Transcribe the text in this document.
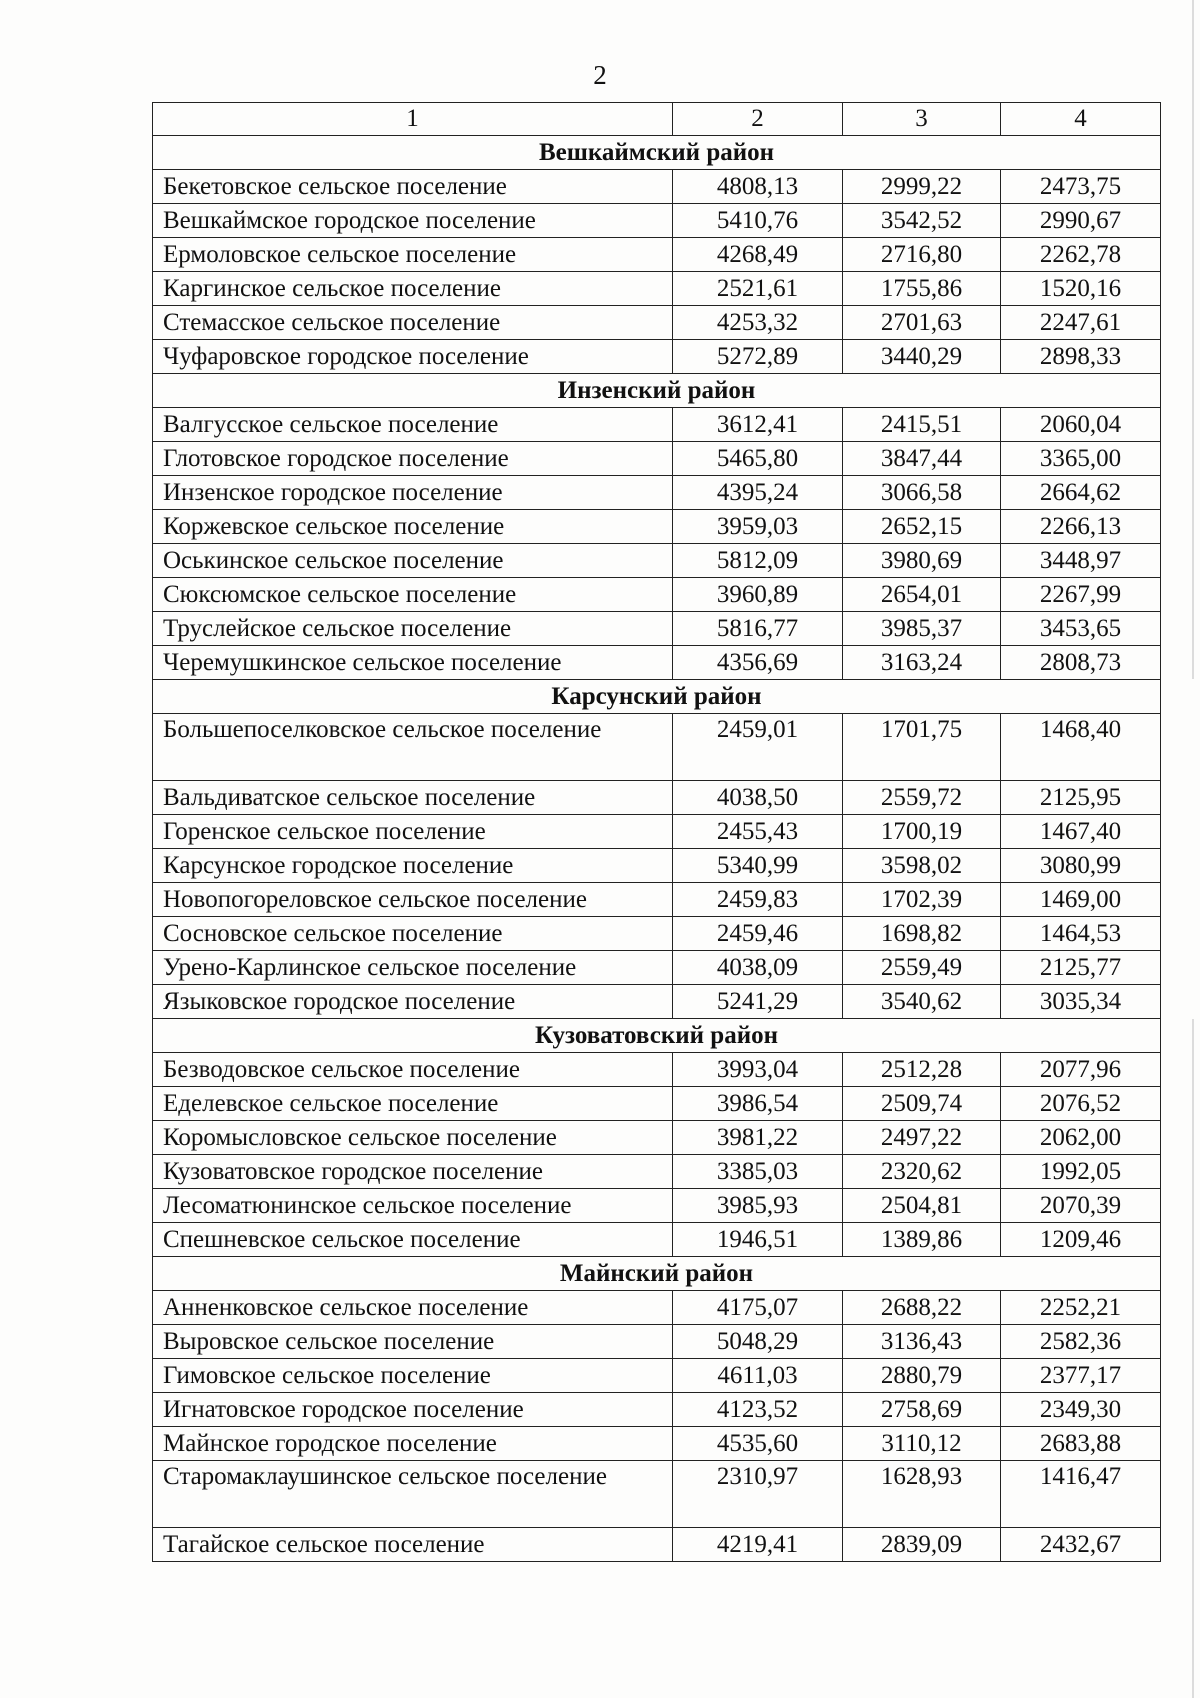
2
1	2	3	4
Вешкаймский район			
Бекетовское сельское поселение	4808,13	2999,22	2473,75
Вешкаймское городское поселение	5410,76	3542,52	2990,67
Ермоловское сельское поселение	4268,49	2716,80	2262,78
Каргинское сельское поселение	2521,61	1755,86	1520,16
Стемасское сельское поселение	4253,32	2701,63	2247,61
Чуфаровское городское поселение	5272,89	3440,29	2898,33
Инзенский район			
Валгусское сельское поселение	3612,41	2415,51	2060,04
Глотовское городское поселение	5465,80	3847,44	3365,00
Инзенское городское поселение	4395,24	3066,58	2664,62
Коржевское сельское поселение	3959,03	2652,15	2266,13
Оськинское сельское поселение	5812,09	3980,69	3448,97
Сюксюмское сельское поселение	3960,89	2654,01	2267,99
Труслейское сельское поселение	5816,77	3985,37	3453,65
Черемушкинское сельское поселение	4356,69	3163,24	2808,73
Карсунский район			
Большепоселковское сельское поселение	2459,01	1701,75	1468,40
Вальдиватское сельское поселение	4038,50	2559,72	2125,95
Горенское сельское поселение	2455,43	1700,19	1467,40
Карсунское городское поселение	5340,99	3598,02	3080,99
Новопогореловское сельское поселение	2459,83	1702,39	1469,00
Сосновское сельское поселение	2459,46	1698,82	1464,53
Урено-Карлинское сельское поселение	4038,09	2559,49	2125,77
Языковское городское поселение	5241,29	3540,62	3035,34
Кузоватовский район			
Безводовское сельское поселение	3993,04	2512,28	2077,96
Еделевское сельское поселение	3986,54	2509,74	2076,52
Коромысловское сельское поселение	3981,22	2497,22	2062,00
Кузоватовское городское поселение	3385,03	2320,62	1992,05
Лесоматюнинское сельское поселение	3985,93	2504,81	2070,39
Спешневское сельское поселение	1946,51	1389,86	1209,46
Майнский район			
Анненковское сельское поселение	4175,07	2688,22	2252,21
Выровское сельское поселение	5048,29	3136,43	2582,36
Гимовское сельское поселение	4611,03	2880,79	2377,17
Игнатовское городское поселение	4123,52	2758,69	2349,30
Майнское городское поселение	4535,60	3110,12	2683,88
Старомаклаушинское сельское поселение	2310,97	1628,93	1416,47
Тагайское сельское поселение	4219,41	2839,09	2432,67
